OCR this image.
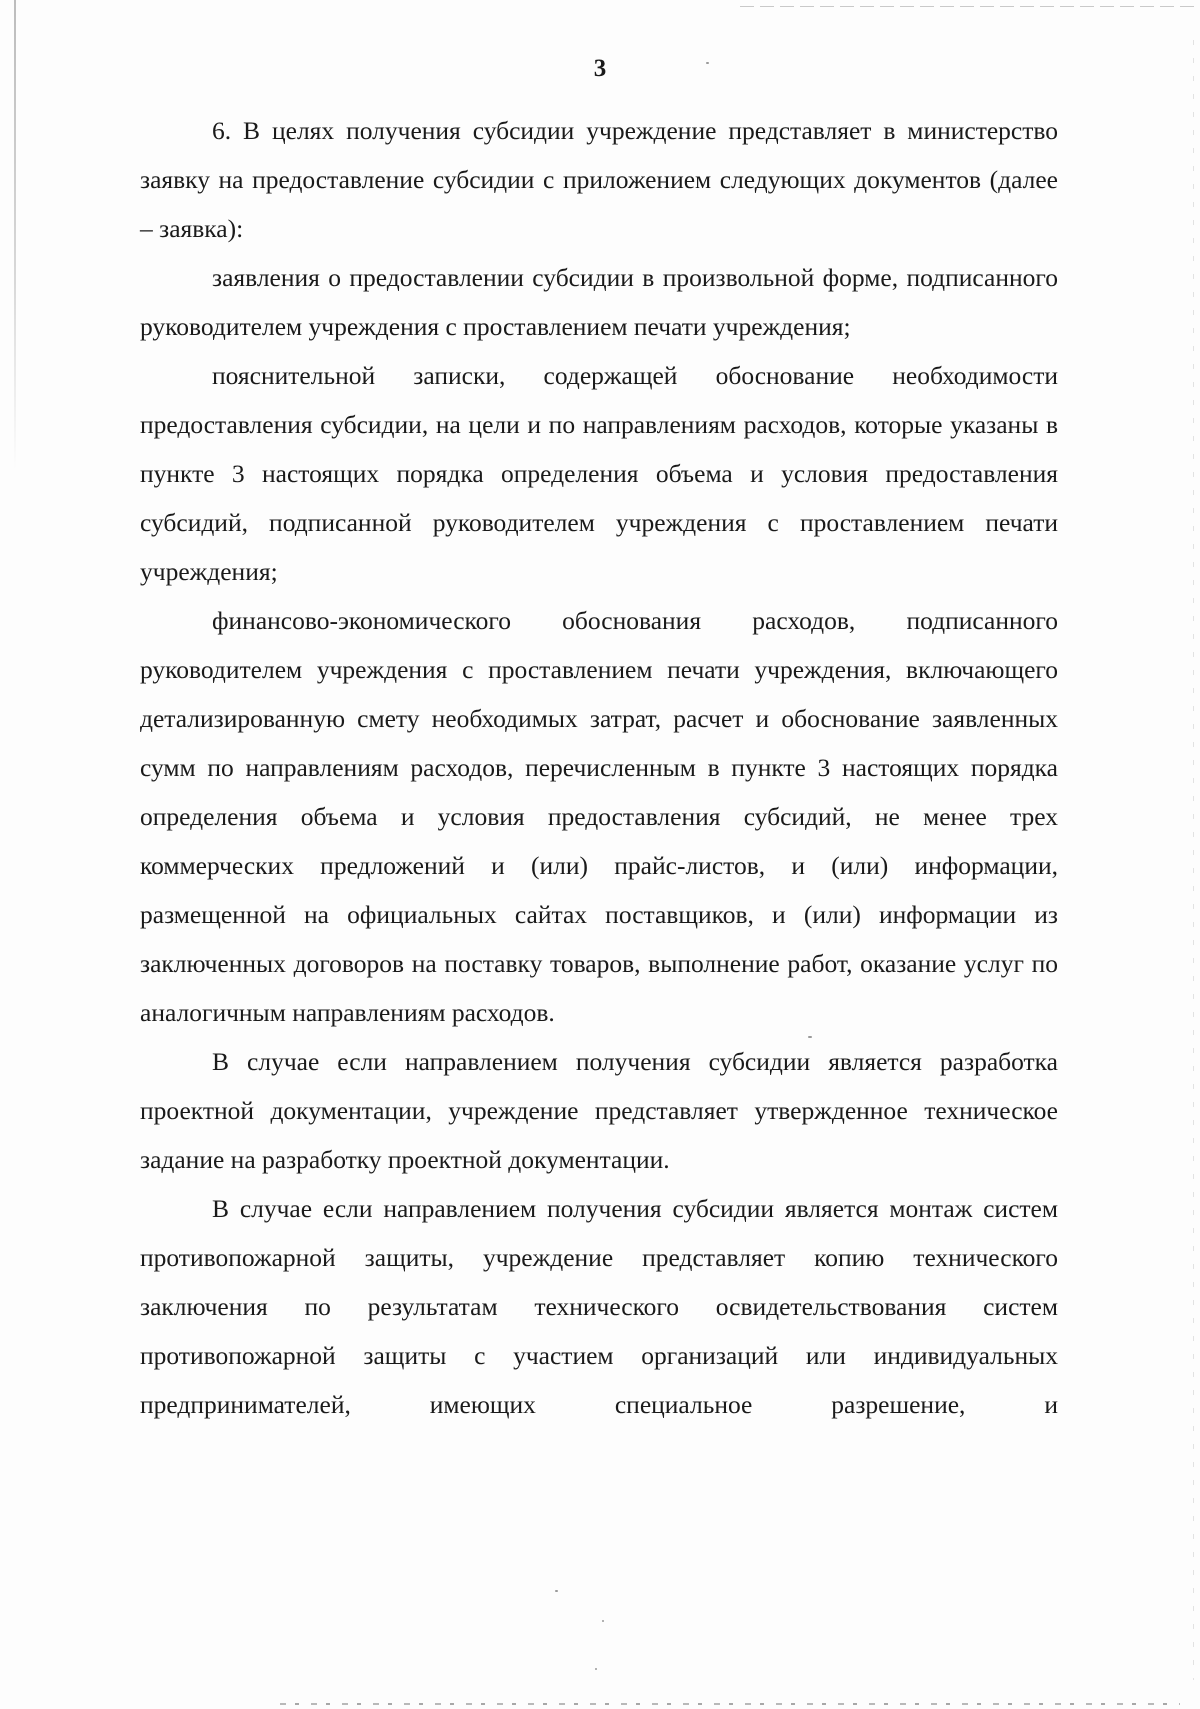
3

6. В целях получения субсидии учреждение представляет в министерство заявку на предоставление субсидии с приложением следующих документов (далее – заявка):

заявления о предоставлении субсидии в произвольной форме, подписанного руководителем учреждения с проставлением печати учреждения;

пояснительной записки, содержащей обоснование необходимости предоставления субсидии, на цели и по направлениям расходов, которые указаны в пункте 3 настоящих порядка определения объема и условия предоставления субсидий, подписанной руководителем учреждения с проставлением печати учреждения;

финансово-экономического обоснования расходов, подписанного руководителем учреждения с проставлением печати учреждения, включающего детализированную смету необходимых затрат, расчет и обоснование заявленных сумм по направлениям расходов, перечисленным в пункте 3 настоящих порядка определения объема и условия предоставления субсидий, не менее трех коммерческих предложений и (или) прайс-листов, и (или) информации, размещенной на официальных сайтах поставщиков, и (или) информации из заключенных договоров на поставку товаров, выполнение работ, оказание услуг по аналогичным направлениям расходов.

В случае если направлением получения субсидии является разработка проектной документации, учреждение представляет утвержденное техническое задание на разработку проектной документации.

В случае если направлением получения субсидии является монтаж систем противопожарной защиты, учреждение представляет копию технического заключения по результатам технического освидетельствования систем противопожарной защиты с участием организаций или индивидуальных предпринимателей, имеющих специальное разрешение, и
